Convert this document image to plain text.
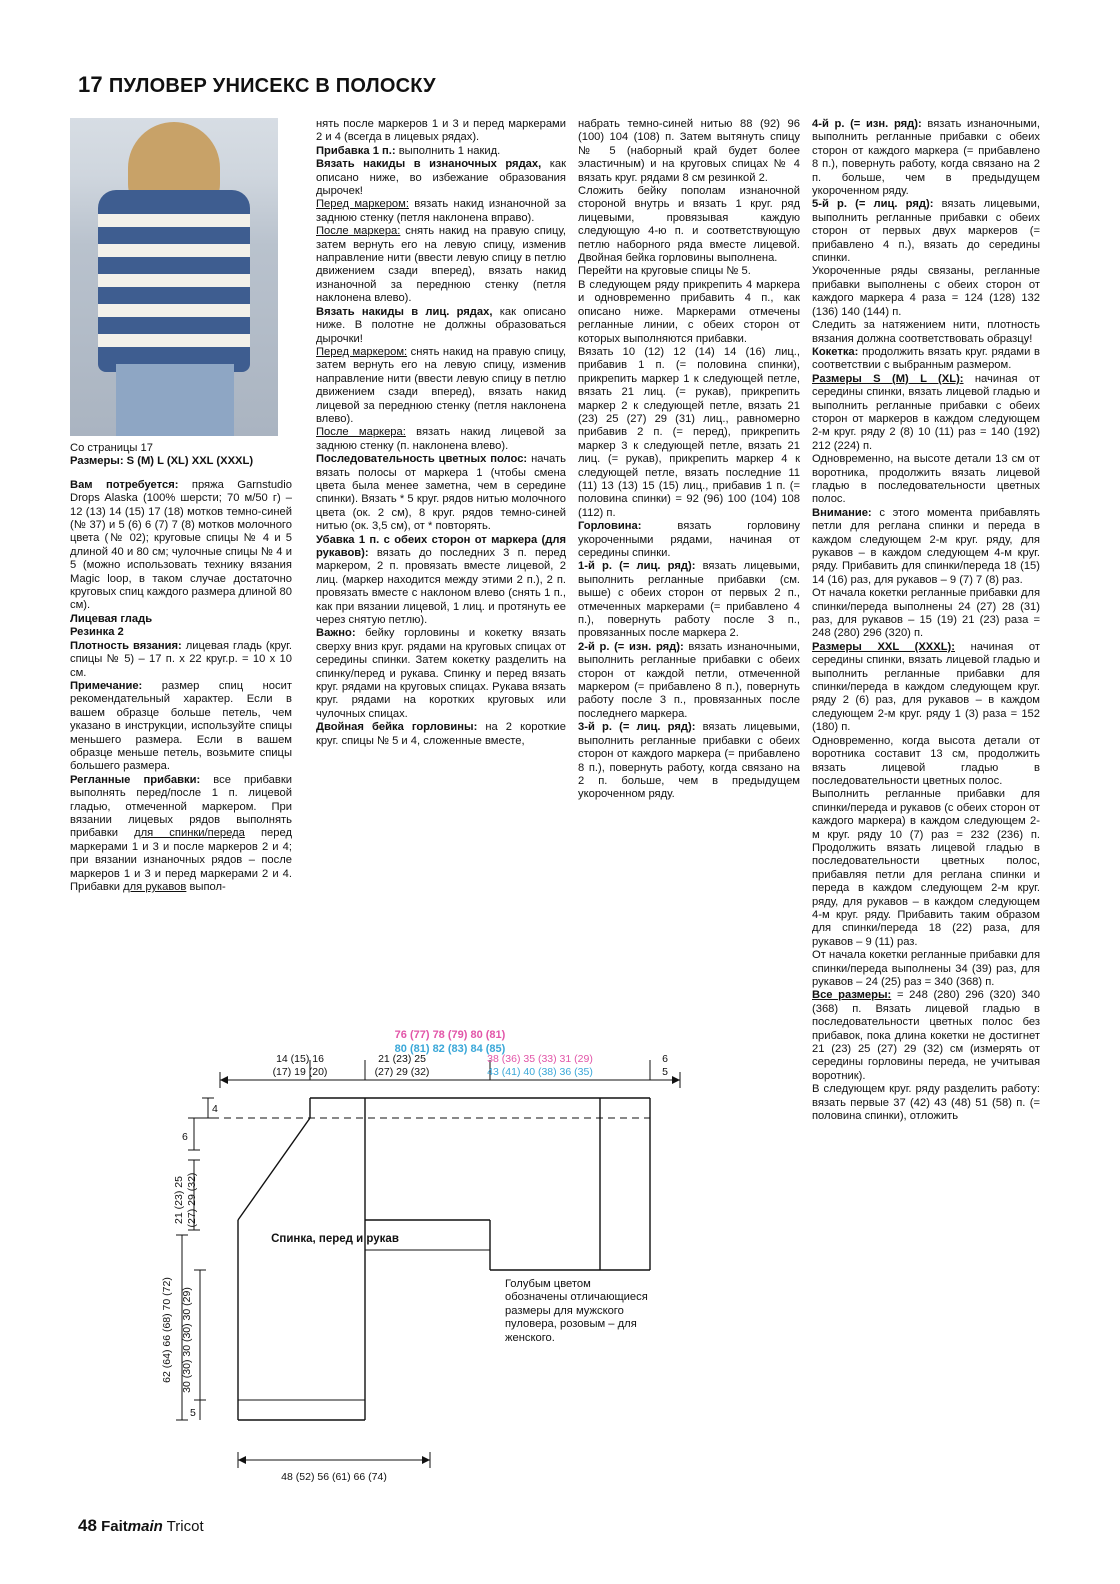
17 ПУЛОВЕР УНИСЕКС В ПОЛОСКУ
Со страницы 17
Размеры: S (M) L (XL) XXL (XXXL)

Вам потребуется: пряжа Garnstudio Drops Alaska (100% шерсти; 70 м/50 г) – 12 (13) 14 (15) 17 (18) мотков темно-синей (№ 37) и 5 (6) 6 (7) 7 (8) мотков молочного цвета (№ 02); круговые спицы № 4 и 5 длиной 40 и 80 см; чулочные спицы № 4 и 5 (можно использовать технику вязания Magic loop, в таком случае достаточно круговых спиц каждого размера длиной 80 см).

Лицевая гладь

Резинка 2

Плотность вязания: лицевая гладь (круг. спицы № 5) – 17 п. х 22 круг.р. = 10 х 10 см.

Примечание: размер спиц носит рекомендательный характер. Если в вашем образце больше петель, чем указано в инструкции, используйте спицы меньшего размера. Если в вашем образце меньше петель, возьмите спицы большего размера.

Регланные прибавки: все прибавки выполнять перед/после 1 п. лицевой гладью, отмеченной маркером. При вязании лицевых рядов выполнять прибавки для спинки/переда перед маркерами 1 и 3 и после маркеров 2 и 4; при вязании изнаночных рядов – после маркеров 1 и 3 и перед маркерами 2 и 4. Прибавки для рукавов выпол-

нять после маркеров 1 и 3 и перед маркерами 2 и 4 (всегда в лицевых рядах).

Прибавка 1 п.: выполнить 1 накид.

Вязать накиды в изнаночных рядах, как описано ниже, во избежание образования дырочек!

Перед маркером: вязать накид изнаночной за заднюю стенку (петля наклонена вправо).

После маркера: снять накид на правую спицу, затем вернуть его на левую спицу, изменив направление нити (ввести левую спицу в петлю движением сзади вперед), вязать накид изнаночной за переднюю стенку (петля наклонена влево).

Вязать накиды в лиц. рядах, как описано ниже. В полотне не должны образоваться дырочки!

Перед маркером: снять накид на правую спицу, затем вернуть его на левую спицу, изменив направление нити (ввести левую спицу в петлю движением сзади вперед), вязать накид лицевой за переднюю стенку (петля наклонена влево).

После маркера: вязать накид лицевой за заднюю стенку (п. наклонена влево).

Последовательность цветных полос: начать вязать полосы от маркера 1 (чтобы смена цвета была менее заметна, чем в середине спинки). Вязать * 5 круг. рядов нитью молочного цвета (ок. 2 см), 8 круг. рядов темно-синей нитью (ок. 3,5 см), от * повторять.

Убавка 1 п. с обеих сторон от маркера (для рукавов): вязать до последних 3 п. перед маркером, 2 п. провязать вместе лицевой, 2 лиц. (маркер находится между этими 2 п.), 2 п. провязать вместе с наклоном влево (снять 1 п., как при вязании лицевой, 1 лиц. и протянуть ее через снятую петлю).

Важно: бейку горловины и кокетку вязать сверху вниз круг. рядами на круговых спицах от середины спинки. Затем кокетку разделить на спинку/перед и рукава. Спинку и перед вязать круг. рядами на круговых спицах. Рукава вязать круг. рядами на коротких круговых или чулочных спицах.

Двойная бейка горловины: на 2 короткие круг. спицы № 5 и 4, сложенные вместе,

набрать темно-синей нитью 88 (92) 96 (100) 104 (108) п. Затем вытянуть спицу № 5 (наборный край будет более эластичным) и на круговых спицах № 4 вязать круг. рядами 8 см резинкой 2.

Сложить бейку пополам изнаночной стороной внутрь и вязать 1 круг. ряд лицевыми, провязывая каждую следующую 4-ю п. и соответствующую петлю наборного ряда вместе лицевой. Двойная бейка горловины выполнена.

Перейти на круговые спицы № 5.

В следующем ряду прикрепить 4 маркера и одновременно прибавить 4 п., как описано ниже. Маркерами отмечены регланные линии, с обеих сторон от которых выполняются прибавки.

Вязать 10 (12) 12 (14) 14 (16) лиц., прибавив 1 п. (= половина спинки), прикрепить маркер 1 к следующей петле, вязать 21 лиц. (= рукав), прикрепить маркер 2 к следующей петле, вязать 21 (23) 25 (27) 29 (31) лиц., равномерно прибавив 2 п. (= перед), прикрепить маркер 3 к следующей петле, вязать 21 лиц. (= рукав), прикрепить маркер 4 к следующей петле, вязать последние 11 (11) 13 (13) 15 (15) лиц., прибавив 1 п. (= половина спинки) = 92 (96) 100 (104) 108 (112) п.

Горловина: вязать горловину укороченными рядами, начиная от середины спинки.

1-й р. (= лиц. ряд): вязать лицевыми, выполнить регланные прибавки (см. выше) с обеих сторон от первых 2 п., отмеченных маркерами (= прибавлено 4 п.), повернуть работу после 3 п., провязанных после маркера 2.

2-й р. (= изн. ряд): вязать изнаночными, выполнить регланные прибавки с обеих сторон от каждой петли, отмеченной маркером (= прибавлено 8 п.), повернуть работу после 3 п., провязанных после последнего маркера.

3-й р. (= лиц. ряд): вязать лицевыми, выполнить регланные прибавки с обеих сторон от каждого маркера (= прибавлено 8 п.), повернуть работу, когда связано на 2 п. больше, чем в предыдущем укороченном ряду.

4-й р. (= изн. ряд): вязать изнаночными, выполнить регланные прибавки с обеих сторон от каждого маркера (= прибавлено 8 п.), повернуть работу, когда связано на 2 п. больше, чем в предыдущем укороченном ряду.

5-й р. (= лиц. ряд): вязать лицевыми, выполнить регланные прибавки с обеих сторон от первых двух маркеров (= прибавлено 4 п.), вязать до середины спинки.

Укороченные ряды связаны, регланные прибавки выполнены с обеих сторон от каждого маркера 4 раза = 124 (128) 132 (136) 140 (144) п.

Следить за натяжением нити, плотность вязания должна соответствовать образцу!

Кокетка: продолжить вязать круг. рядами в соответствии с выбранным размером.

Размеры S (M) L (XL): начиная от середины спинки, вязать лицевой гладью и выполнить регланные прибавки с обеих сторон от маркеров в каждом следующем 2-м круг. ряду 2 (8) 10 (11) раз = 140 (192) 212 (224) п.

Одновременно, на высоте детали 13 см от воротника, продолжить вязать лицевой гладью в последовательности цветных полос.

Внимание: с этого момента прибавлять петли для реглана спинки и переда в каждом следующем 2-м круг. ряду, для рукавов – в каждом следующем 4-м круг. ряду. Прибавить для спинки/переда 18 (15) 14 (16) раз, для рукавов – 9 (7) 7 (8) раз.

От начала кокетки регланные прибавки для спинки/переда выполнены 24 (27) 28 (31) раз, для рукавов – 15 (19) 21 (23) раза = 248 (280) 296 (320) п.

Размеры XXL (XXXL): начиная от середины спинки, вязать лицевой гладью и выполнить регланные прибавки для спинки/переда в каждом следующем круг. ряду 2 (6) раз, для рукавов – в каждом следующем 2-м круг. ряду 1 (3) раза = 152 (180) п.

Одновременно, когда высота детали от воротника составит 13 см, продолжить вязать лицевой гладью в последовательности цветных полос.

Выполнить регланные прибавки для спинки/переда и рукавов (с обеих сторон от каждого маркера) в каждом следующем 2-м круг. ряду 10 (7) раз = 232 (236) п. Продолжить вязать лицевой гладью в последовательности цветных полос, прибавляя петли для реглана спинки и переда в каждом следующем 2-м круг. ряду, для рукавов – в каждом следующем 4-м круг. ряду. Прибавить таким образом для спинки/переда 18 (22) раза, для рукавов – 9 (11) раз.

От начала кокетки регланные прибавки для спинки/переда выполнены 34 (39) раз, для рукавов – 24 (25) раз = 340 (368) п.

Все размеры: = 248 (280) 296 (320) 340 (368) п. Вязать лицевой гладью в последовательности цветных полос без прибавок, пока длина кокетки не достигнет 21 (23) 25 (27) 29 (32) см (измерять от середины горловины переда, не учитывая воротник).

В следующем круг. ряду разделить работу: вязать первые 37 (42) 43 (48) 51 (58) п. (= половина спинки), отложить

76 (77) 78 (79) 80 (81)
80 (81) 82 (83) 84 (85)
14 (15) 16
(17) 19 (20)
21 (23) 25
(27) 29 (32)
38 (36) 35 (33) 31 (29)
43 (41) 40 (38) 36 (35)
6
5
4
6
21 (23) 25 (27) 29 (32)
62 (64) 66 (68) 70 (72) 30 (30) 30 (30) 30 (29)
5
Спинка, перед и рукав
48 (52) 56 (61) 66 (74)
Голубым цветом обозначены отличающиеся размеры для мужского пуловера, розовым – для женского.
48 Faitmain Tricot
